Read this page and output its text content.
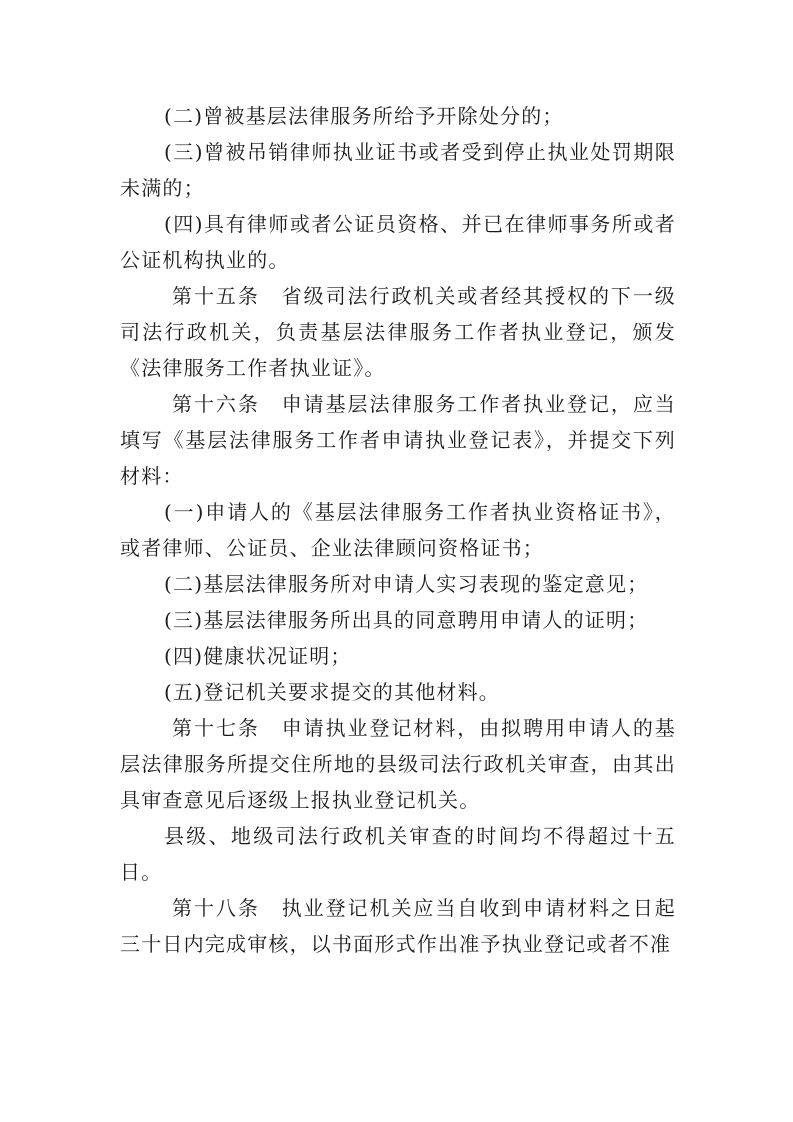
(二)曾被基层法律服务所给予开除处分的；

(三)曾被吊销律师执业证书或者受到停止执业处罚期限未满的；

(四)具有律师或者公证员资格、并已在律师事务所或者公证机构执业的。

第十五条　省级司法行政机关或者经其授权的下一级司法行政机关，负责基层法律服务工作者执业登记，颁发《法律服务工作者执业证》。

第十六条　申请基层法律服务工作者执业登记，应当填写《基层法律服务工作者申请执业登记表》，并提交下列材料：

(一)申请人的《基层法律服务工作者执业资格证书》，或者律师、公证员、企业法律顾问资格证书；

(二)基层法律服务所对申请人实习表现的鉴定意见；

(三)基层法律服务所出具的同意聘用申请人的证明；

(四)健康状况证明；

(五)登记机关要求提交的其他材料。

第十七条　申请执业登记材料，由拟聘用申请人的基层法律服务所提交住所地的县级司法行政机关审查，由其出具审查意见后逐级上报执业登记机关。

县级、地级司法行政机关审查的时间均不得超过十五日。

第十八条　执业登记机关应当自收到申请材料之日起三十日内完成审核，以书面形式作出准予执业登记或者不准
